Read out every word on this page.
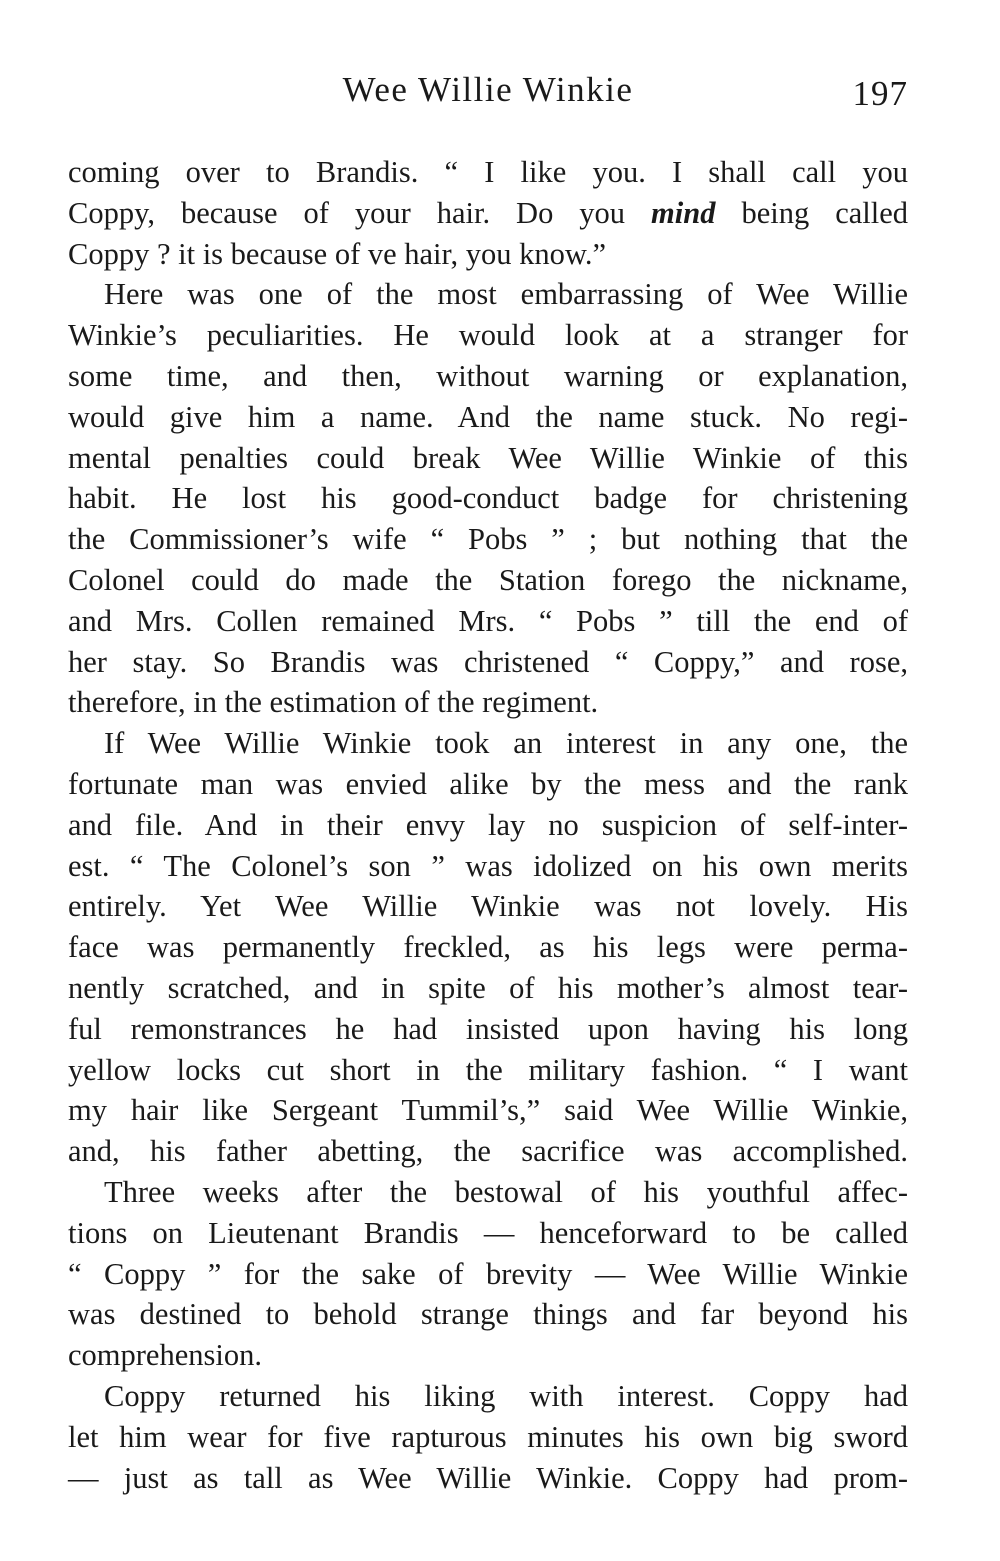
Wee Willie Winkie	197
coming over to Brandis. “ I like you. I shall call you
Coppy, because of your hair. Do you mind being called
Coppy ? it is because of ve hair, you know.”
Here was one of the most embarrassing of Wee Willie
Winkie’s peculiarities. He would look at a stranger for
some time, and then, without warning or explanation,
would give him a name. And the name stuck. No regi-
mental penalties could break Wee Willie Winkie of this
habit. He lost his good-conduct badge for christening
the Commissioner’s wife “ Pobs ” ; but nothing that the
Colonel could do made the Station forego the nickname,
and Mrs. Collen remained Mrs. “ Pobs ” till the end of
her stay. So Brandis was christened “ Coppy,” and rose,
therefore, in the estimation of the regiment.
If Wee Willie Winkie took an interest in any one, the
fortunate man was envied alike by the mess and the rank
and file. And in their envy lay no suspicion of self-inter-
est. “ The Colonel’s son ” was idolized on his own merits
entirely. Yet Wee Willie Winkie was not lovely. His
face was permanently freckled, as his legs were perma-
nently scratched, and in spite of his mother’s almost tear-
ful remonstrances he had insisted upon having his long
yellow locks cut short in the military fashion. “ I want
my hair like Sergeant Tummil’s,” said Wee Willie Winkie,
and, his father abetting, the sacrifice was accomplished.
Three weeks after the bestowal of his youthful affec-
tions on Lieutenant Brandis — henceforward to be called
“ Coppy ” for the sake of brevity — Wee Willie Winkie
was destined to behold strange things and far beyond his
comprehension.
Coppy returned his liking with interest. Coppy had
let him wear for five rapturous minutes his own big sword
— just as tall as Wee Willie Winkie. Coppy had prom-
